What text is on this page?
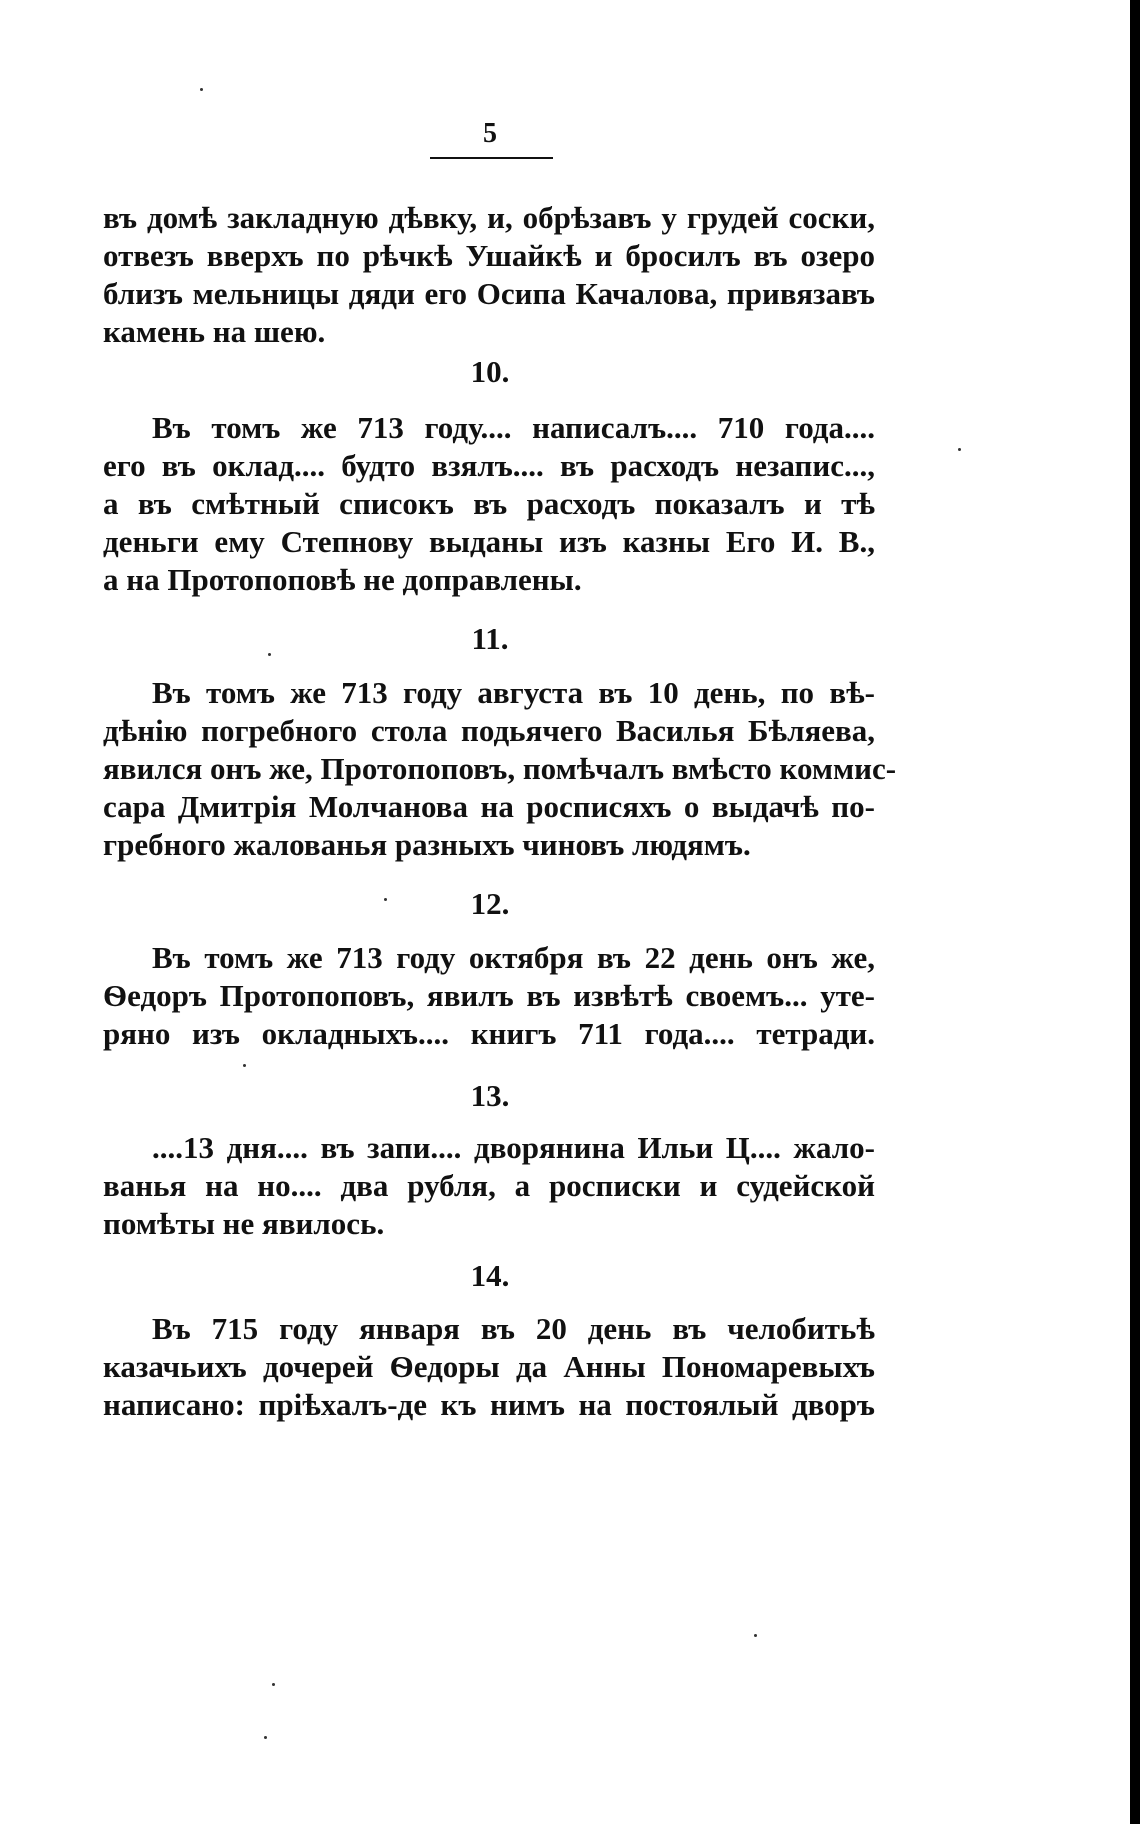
5
въ домѣ закладную дѣвку, и, обрѣзавъ у грудей соски,
отвезъ вверхъ по рѣчкѣ Ушайкѣ и бросилъ въ озеро
близъ мельницы дяди его Осипа Качалова, привязавъ
камень на шею.
10.
Въ томъ же 713 году.... написалъ.... 710 года....
его въ оклад.... будто взялъ.... въ расходъ незапис...,
а въ смѣтный списокъ въ расходъ показалъ и тѣ
деньги ему Степнову выданы изъ казны Его И. В.,
а на Протопоповѣ не доправлены.
11.
Въ томъ же 713 году августа въ 10 день, по вѣ-
дѣнію погребного стола подьячего Василья Бѣляева,
явился онъ же, Протопоповъ, помѣчалъ вмѣсто коммис-
сара Дмитрія Молчанова на росписяхъ о выдачѣ по-
гребного жалованья разныхъ чиновъ людямъ.
12.
Въ томъ же 713 году октября въ 22 день онъ же,
Ѳедоръ Протопоповъ, явилъ въ извѣтѣ своемъ... уте-
ряно изъ окладныхъ.... книгъ 711 года.... тетради.
13.
....13 дня.... въ запи.... дворянина Ильи Ц.... жало-
ванья на но.... два рубля, а росписки и судейской
помѣты не явилось.
14.
Въ 715 году января въ 20 день въ челобитьѣ
казачьихъ дочерей Ѳедоры да Анны Пономаревыхъ
написано: пріѣхалъ-де къ нимъ на постоялый дворъ
